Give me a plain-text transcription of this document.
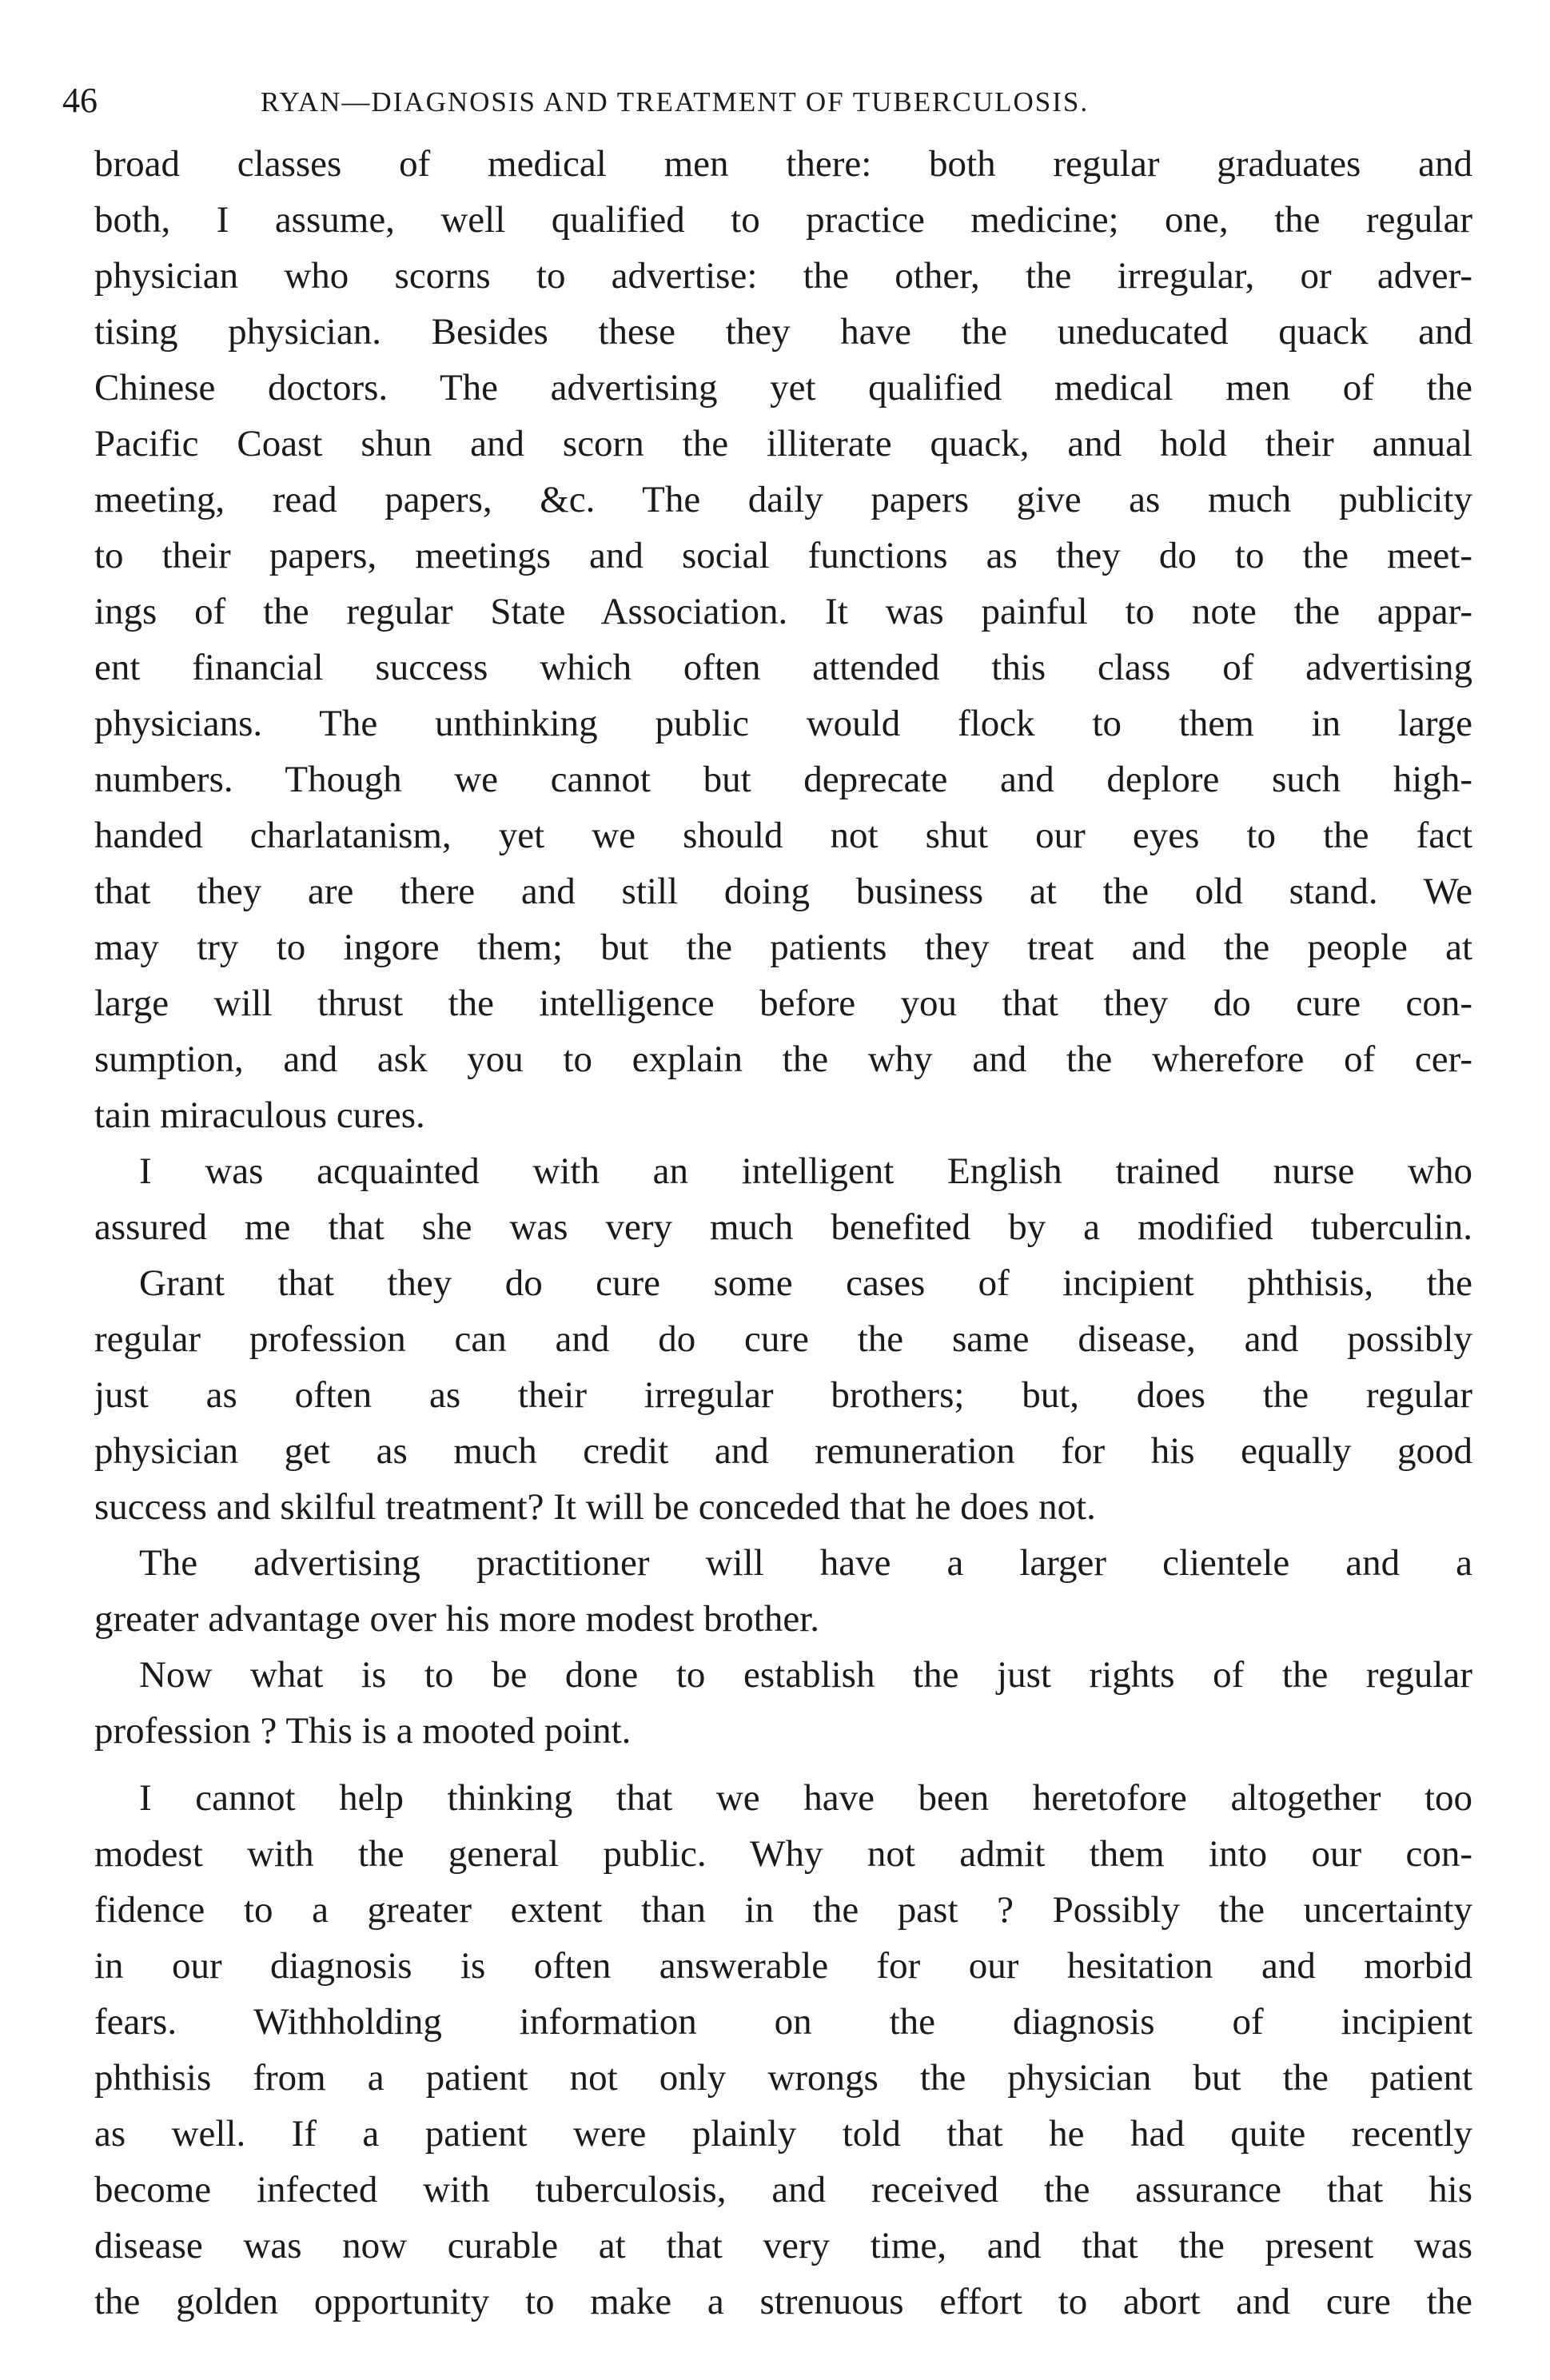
46	RYAN—DIAGNOSIS AND TREATMENT OF TUBERCULOSIS.
broad classes of medical men there: both regular graduates and
both, I assume, well qualified to practice medicine; one, the regular
physician who scorns to advertise: the other, the irregular, or adver-
tising physician. Besides these they have the uneducated quack and
Chinese doctors. The advertising yet qualified medical men of the
Pacific Coast shun and scorn the illiterate quack, and hold their annual
meeting, read papers, &c. The daily papers give as much publicity
to their papers, meetings and social functions as they do to the meet-
ings of the regular State Association. It was painful to note the appar-
ent financial success which often attended this class of advertising
physicians. The unthinking public would flock to them in large
numbers. Though we cannot but deprecate and deplore such high-
handed charlatanism, yet we should not shut our eyes to the fact
that they are there and still doing business at the old stand. We
may try to ingore them; but the patients they treat and the people at
large will thrust the intelligence before you that they do cure con-
sumption, and ask you to explain the why and the wherefore of cer-
tain miraculous cures.
I was acquainted with an intelligent English trained nurse who
assured me that she was very much benefited by a modified tuberculin.
Grant that they do cure some cases of incipient phthisis, the
regular profession can and do cure the same disease, and possibly
just as often as their irregular brothers; but, does the regular
physician get as much credit and remuneration for his equally good
success and skilful treatment? It will be conceded that he does not.
The advertising practitioner will have a larger clientele and a
greater advantage over his more modest brother.
Now what is to be done to establish the just rights of the regular
profession ? This is a mooted point.
I cannot help thinking that we have been heretofore altogether too
modest with the general public. Why not admit them into our con-
fidence to a greater extent than in the past ? Possibly the uncertainty
in our diagnosis is often answerable for our hesitation and morbid
fears. Withholding information on the diagnosis of incipient
phthisis from a patient not only wrongs the physician but the patient
as well. If a patient were plainly told that he had quite recently
become infected with tuberculosis, and received the assurance that his
disease was now curable at that very time, and that the present was
the golden opportunity to make a strenuous effort to abort and cure the
